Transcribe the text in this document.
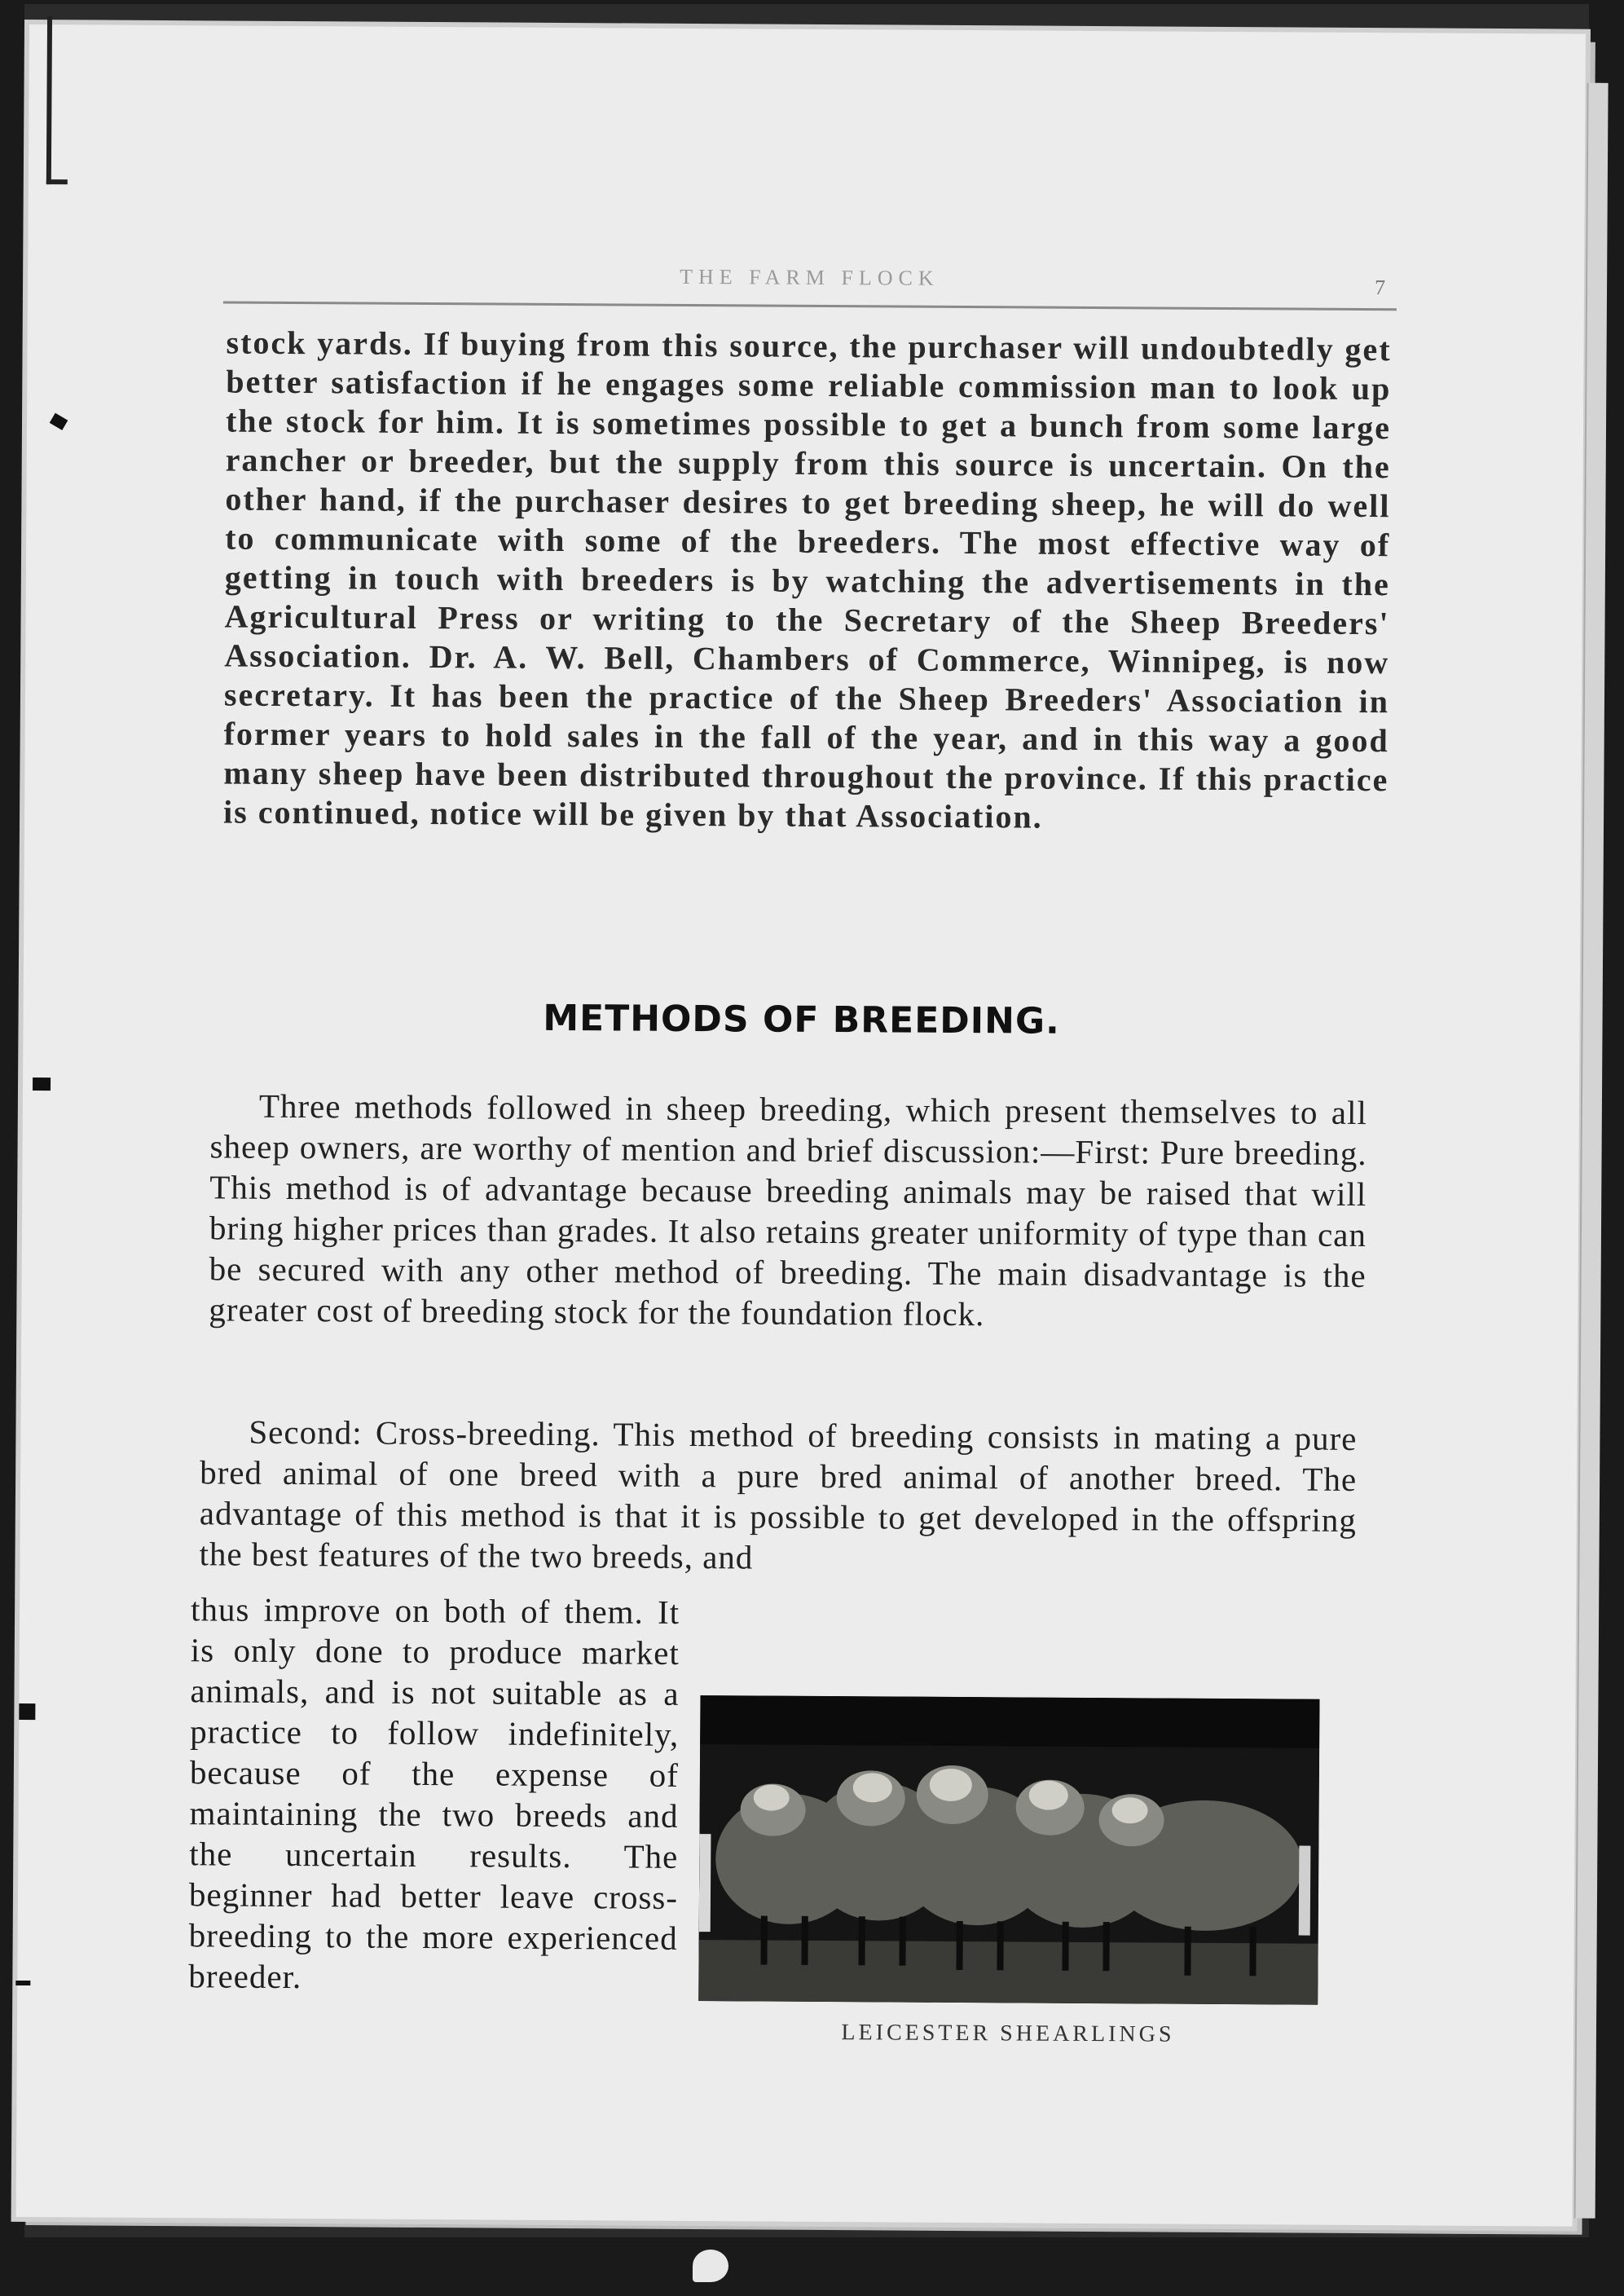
THE FARM FLOCK	7

stock yards. If buying from this source, the purchaser will undoubtedly get better satisfaction if he engages some reliable commission man to look up the stock for him. It is sometimes possible to get a bunch from some large rancher or breeder, but the supply from this source is uncertain. On the other hand, if the purchaser desires to get breeding sheep, he will do well to communicate with some of the breeders. The most effective way of getting in touch with breeders is by watching the advertisements in the Agricultural Press or writing to the Secretary of the Sheep Breeders' Association. Dr. A. W. Bell, Chambers of Commerce, Winnipeg, is now secretary. It has been the practice of the Sheep Breeders' Association in former years to hold sales in the fall of the year, and in this way a good many sheep have been distributed throughout the province. If this practice is continued, notice will be given by that Association.

METHODS OF BREEDING.

Three methods followed in sheep breeding, which present themselves to all sheep owners, are worthy of mention and brief discussion:—First: Pure breeding. This method is of advantage because breeding animals may be raised that will bring higher prices than grades. It also retains greater uniformity of type than can be secured with any other method of breeding. The main disadvantage is the greater cost of breeding stock for the foundation flock.

Second: Cross-breeding. This method of breeding consists in mating a pure bred animal of one breed with a pure bred animal of another breed. The advantage of this method is that it is possible to get developed in the offspring the best features of the two breeds, and

thus improve on both of them. It is only done to produce market animals, and is not suitable as a practice to follow indefinitely, because of the expense of maintaining the two breeds and the uncertain results. The beginner had better leave cross-breeding to the more experienced breeder.

LEICESTER SHEARLINGS
